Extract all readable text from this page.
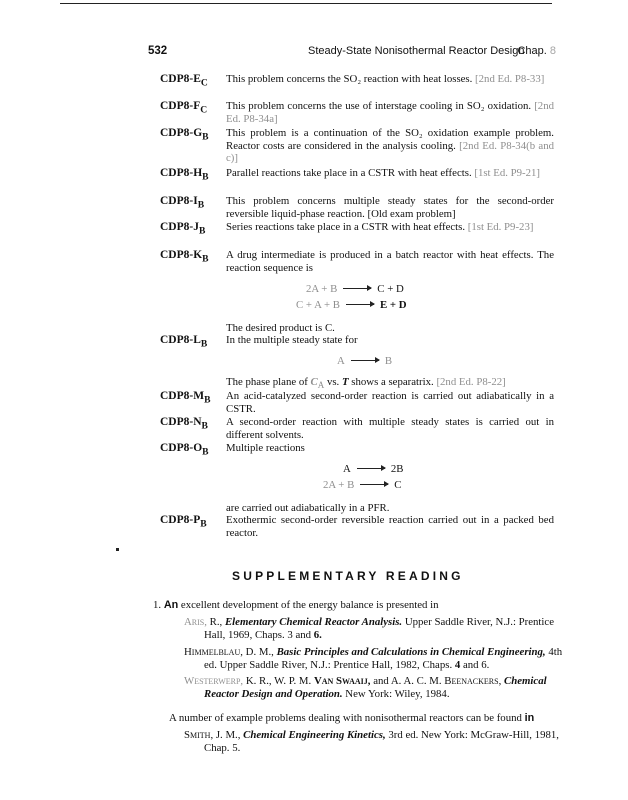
532	Steady-State Nonisothermal Reactor Design
Chap. 8
$CDP8-E_C$	This problem concerns the SO₂ reaction with heat losses. [2nd Ed. P8-33]
$CDP8-F_C$	This problem concerns the use of interstage cooling in SO₂ oxidation. [2nd Ed. P8-34a]
$CDP8-G_B$	This problem is a continuation of the SO₂ oxidation example problem. Reactor costs are considered in the analysis cooling. [2nd Ed. P8-34(b and c)]
$CDP8-H_B$	Parallel reactions take place in a CSTR with heat effects. [1st Ed. P9-21]
$CDP8-I_B$	This problem concerns multiple steady states for the second-order reversible liquid-phase reaction. [Old exam problem]
$CDP8-J_B$	Series reactions take place in a CSTR with heat effects. [1st Ed. P9-23]
$CDP8-K_B$	A drug intermediate is produced in a batch reactor with heat effects. The reaction sequence is
2A + B	C + D
C + A + B	E + D
The desired product is C.
$CDP8-L_B$	In the multiple steady state for
A	B
The phase plane of $C_A$ vs. T shows a separatrix. [2nd Ed. P8-22]
$CDP8-M_B$	An acid-catalyzed second-order reaction is carried out adiabatically in a CSTR.
$CDP8-N_B$	A second-order reaction with multiple steady states is carried out in different solvents.
$CDP8-O_B$	Multiple reactions
A	2B
2A + B	C
are carried out adiabatically in a PFR.
$CDP8-P_B$	Exothermic second-order reversible reaction carried out in a packed bed reactor.
SUPPLEMENTARY READING
1. An excellent development of the energy balance is presented in
Aris, R., Elementary Chemical Reactor Analysis. Upper Saddle River, N.J.: Prentice Hall, 1969, Chaps. 3 and 6.
Himmelblau, D. M., Basic Principles and Calculations in Chemical Engineering, 4th ed. Upper Saddle River, N.J.: Prentice Hall, 1982, Chaps. 4 and 6.
Westerwerp, K. R., W. P. M. Van Swaaij, and A. A. C. M. Beenackers, Chemical Reactor Design and Operation. New York: Wiley, 1984.
A number of example problems dealing with nonisothermal reactors can be found in
Smith, J. M., Chemical Engineering Kinetics, 3rd ed. New York: McGraw-Hill, 1981, Chap. 5.
